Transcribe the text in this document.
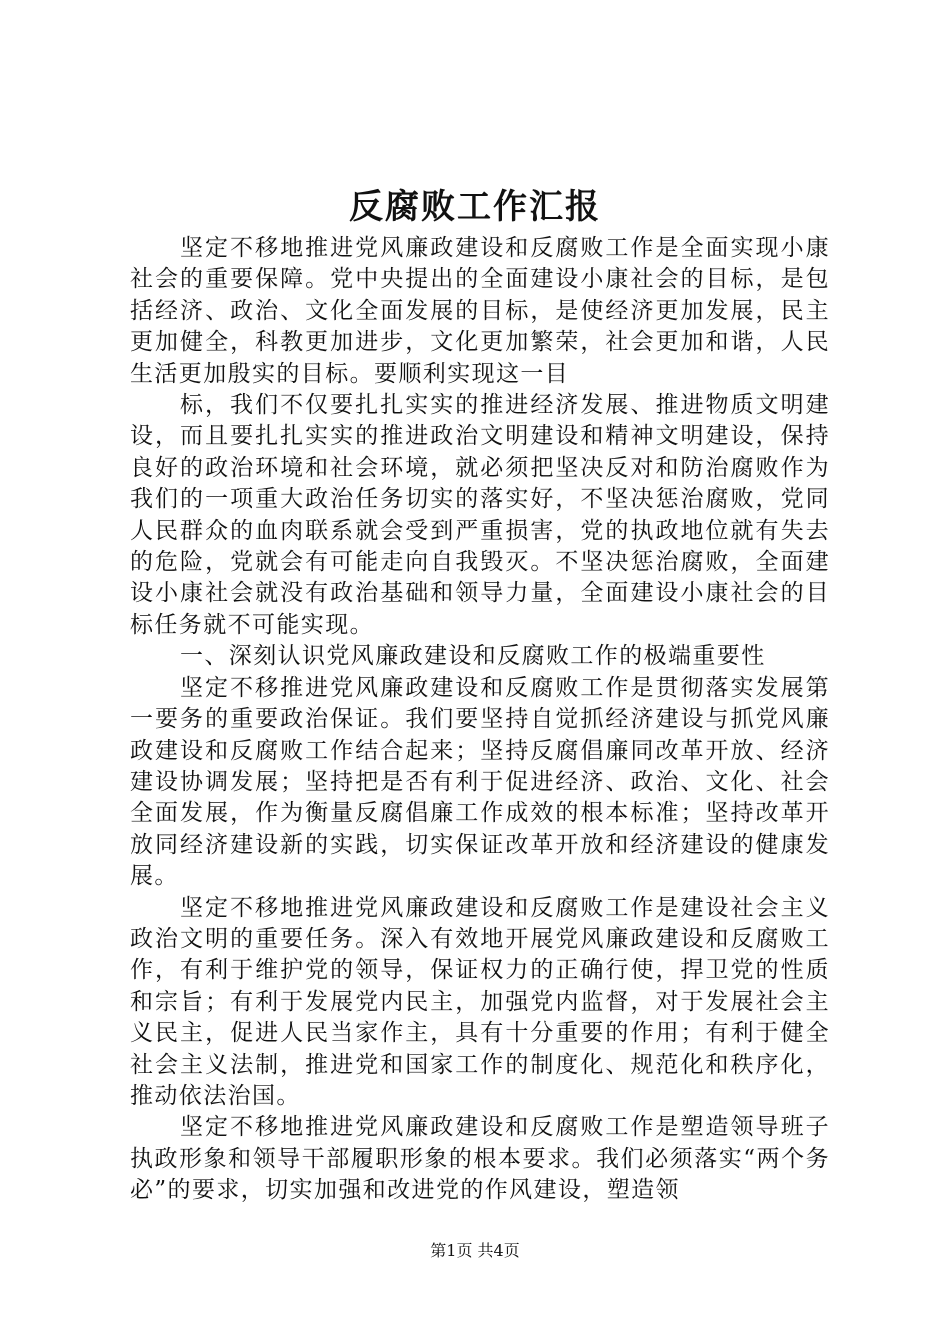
反腐败工作汇报

坚定不移地推进党风廉政建设和反腐败工作是全面实现小康社会的重要保障。党中央提出的全面建设小康社会的目标，是包括经济、政治、文化全面发展的目标，是使经济更加发展，民主更加健全，科教更加进步，文化更加繁荣，社会更加和谐，人民生活更加殷实的目标。要顺利实现这一目

标，我们不仅要扎扎实实的推进经济发展、推进物质文明建设，而且要扎扎实实的推进政治文明建设和精神文明建设，保持良好的政治环境和社会环境，就必须把坚决反对和防治腐败作为我们的一项重大政治任务切实的落实好，不坚决惩治腐败，党同人民群众的血肉联系就会受到严重损害，党的执政地位就有失去的危险，党就会有可能走向自我毁灭。不坚决惩治腐败，全面建设小康社会就没有政治基础和领导力量，全面建设小康社会的目标任务就不可能实现。

一、深刻认识党风廉政建设和反腐败工作的极端重要性

坚定不移推进党风廉政建设和反腐败工作是贯彻落实发展第一要务的重要政治保证。我们要坚持自觉抓经济建设与抓党风廉政建设和反腐败工作结合起来；坚持反腐倡廉同改革开放、经济建设协调发展；坚持把是否有利于促进经济、政治、文化、社会全面发展，作为衡量反腐倡廉工作成效的根本标准；坚持改革开放同经济建设新的实践，切实保证改革开放和经济建设的健康发展。

坚定不移地推进党风廉政建设和反腐败工作是建设社会主义政治文明的重要任务。深入有效地开展党风廉政建设和反腐败工作，有利于维护党的领导，保证权力的正确行使，捍卫党的性质和宗旨；有利于发展党内民主，加强党内监督，对于发展社会主义民主，促进人民当家作主，具有十分重要的作用；有利于健全社会主义法制，推进党和国家工作的制度化、规范化和秩序化，推动依法治国。

坚定不移地推进党风廉政建设和反腐败工作是塑造领导班子执政形象和领导干部履职形象的根本要求。我们必须落实“两个务必”的要求，切实加强和改进党的作风建设，塑造领

第1页 共4页
